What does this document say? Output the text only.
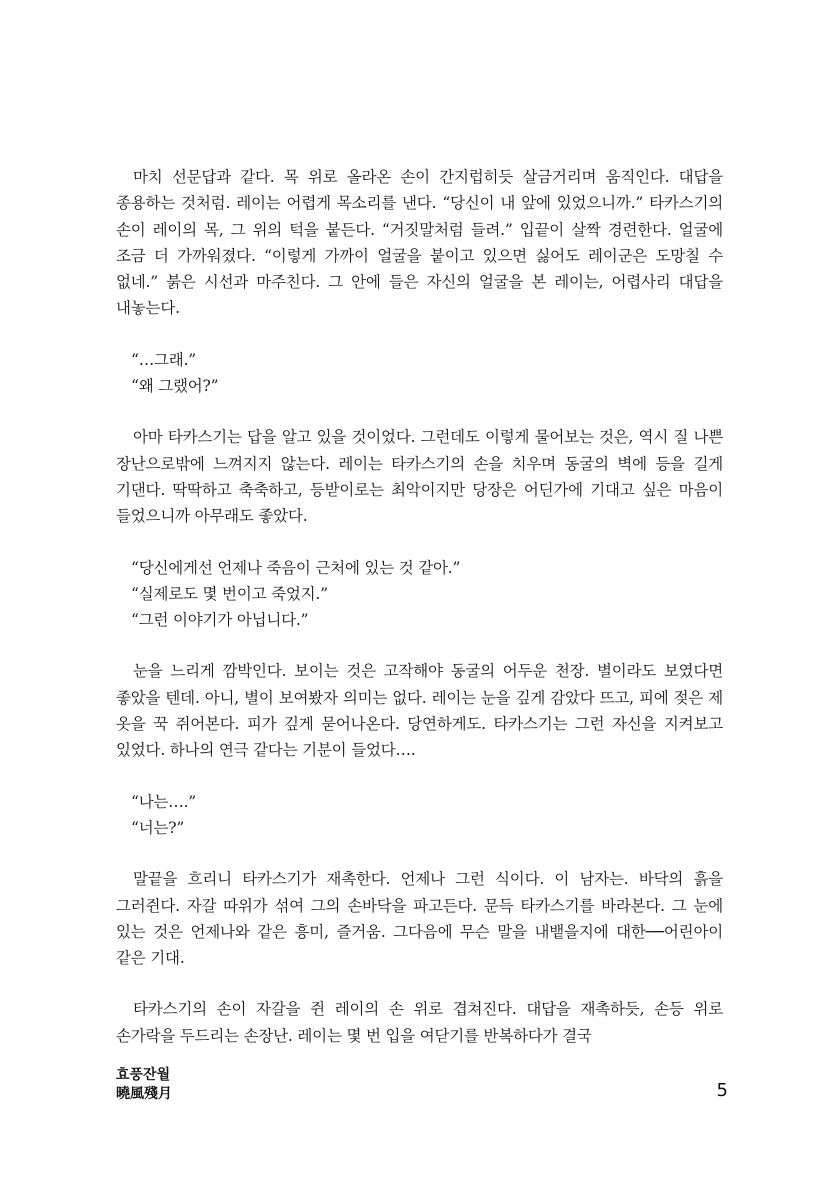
마치 선문답과 같다. 목 위로 올라온 손이 간지럽히듯 살금거리며 움직인다. 대답을 종용하는 것처럼. 레이는 어렵게 목소리를 낸다. “당신이 내 앞에 있었으니까.” 타카스기의 손이 레이의 목, 그 위의 턱을 붙든다. “거짓말처럼 들려.” 입끝이 살짝 경련한다. 얼굴에 조금 더 가까워졌다. “이렇게 가까이 얼굴을 붙이고 있으면 싫어도 레이군은 도망칠 수 없네.” 붉은 시선과 마주친다. 그 안에 들은 자신의 얼굴을 본 레이는, 어렵사리 대답을 내놓는다.

“…그래.”

“왜 그랬어?”

아마 타카스기는 답을 알고 있을 것이었다. 그런데도 이렇게 물어보는 것은, 역시 질 나쁜 장난으로밖에 느껴지지 않는다. 레이는 타카스기의 손을 치우며 동굴의 벽에 등을 길게 기댄다. 딱딱하고 축축하고, 등받이로는 최악이지만 당장은 어딘가에 기대고 싶은 마음이 들었으니까 아무래도 좋았다.

“당신에게선 언제나 죽음이 근처에 있는 것 같아.”

“실제로도 몇 번이고 죽었지.”

“그런 이야기가 아닙니다.”

눈을 느리게 깜박인다. 보이는 것은 고작해야 동굴의 어두운 천장. 별이라도 보였다면 좋았을 텐데. 아니, 별이 보여봤자 의미는 없다. 레이는 눈을 깊게 감았다 뜨고, 피에 젖은 제 옷을 꾹 쥐어본다. 피가 깊게 묻어나온다. 당연하게도. 타카스기는 그런 자신을 지켜보고 있었다. 하나의 연극 같다는 기분이 들었다….

“나는….”

“너는?”

말끝을 흐리니 타카스기가 재촉한다. 언제나 그런 식이다. 이 남자는. 바닥의 흙을 그러쥔다. 자갈 따위가 섞여 그의 손바닥을 파고든다. 문득 타카스기를 바라본다. 그 눈에 있는 것은 언제나와 같은 흥미, 즐거움. 그다음에 무슨 말을 내뱉을지에 대한──어린아이 같은 기대.

타카스기의 손이 자갈을 쥔 레이의 손 위로 겹쳐진다. 대답을 재촉하듯, 손등 위로 손가락을 두드리는 손장난. 레이는 몇 번 입을 여닫기를 반복하다가 결국

효풍잔월
曉風殘月	5
